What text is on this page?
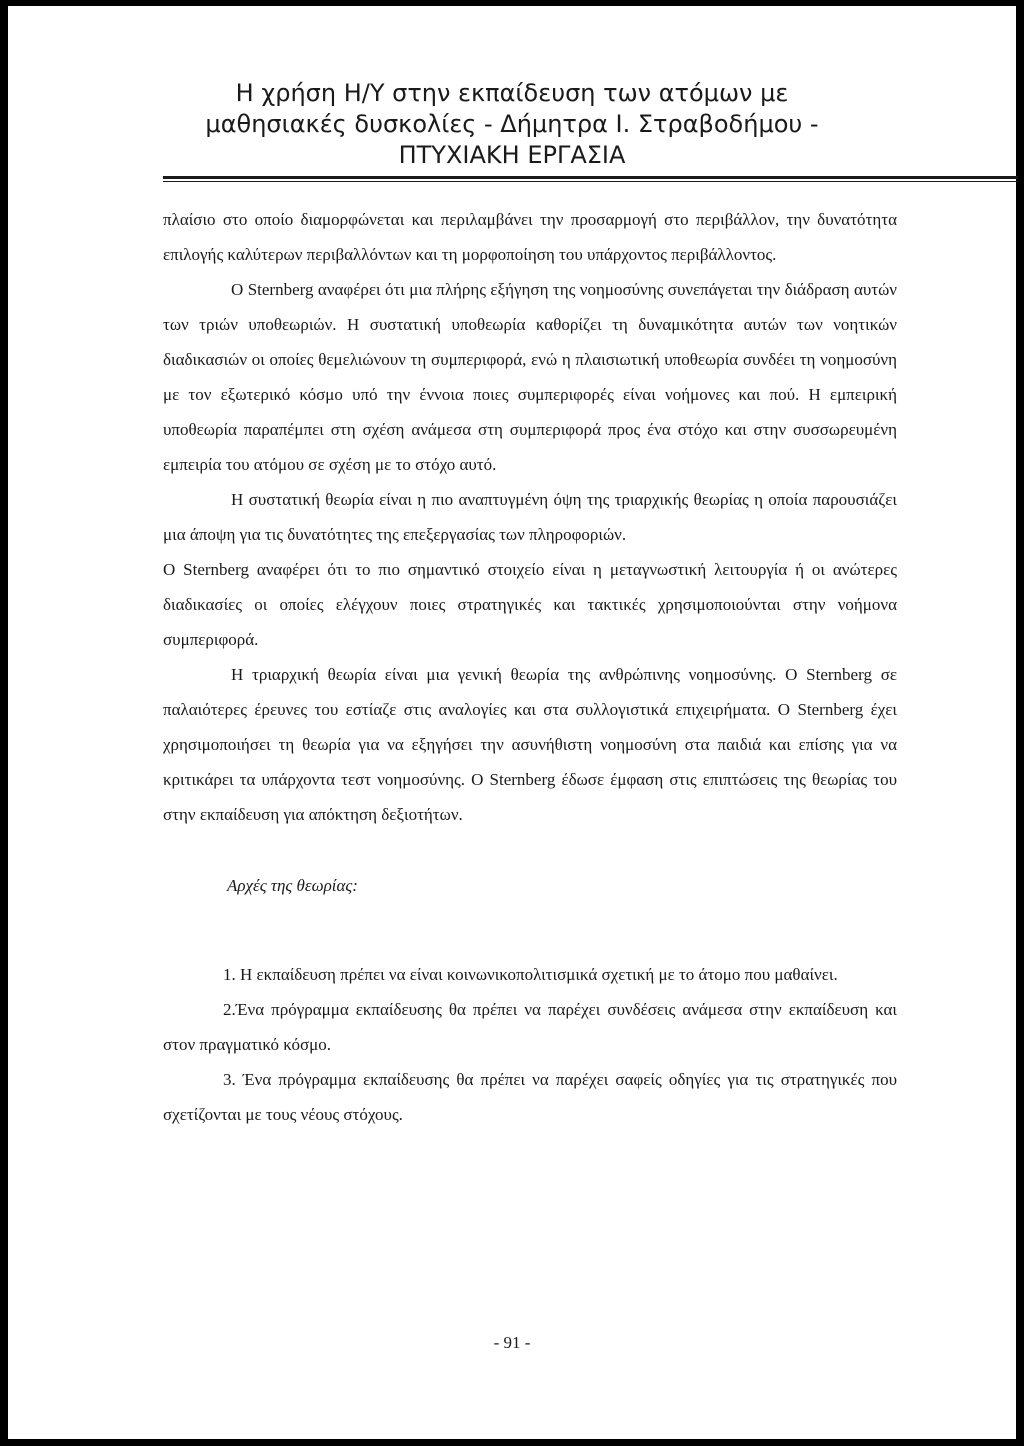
Η χρήση Η/Υ στην εκπαίδευση των ατόμων με
μαθησιακές δυσκολίες - Δήμητρα Ι. Στραβοδήμου -
ΠΤΥΧΙΑΚΗ ΕΡΓΑΣΙΑ

πλαίσιο στο οποίο διαμορφώνεται και περιλαμβάνει την προσαρμογή στο περιβάλλον, την δυνατότητα επιλογής καλύτερων περιβαλλόντων και τη μορφοποίηση του υπάρχοντος περιβάλλοντος.

Ο Sternberg αναφέρει ότι μια πλήρης εξήγηση της νοημοσύνης συνεπάγεται την διάδραση αυτών των τριών υποθεωριών. Η συστατική υποθεωρία καθορίζει τη δυναμικότητα αυτών των νοητικών διαδικασιών οι οποίες θεμελιώνουν τη συμπεριφορά, ενώ η πλαισιωτική υποθεωρία συνδέει τη νοημοσύνη με τον εξωτερικό κόσμο υπό την έννοια ποιες συμπεριφορές είναι νοήμονες και πού. Η εμπειρική υποθεωρία παραπέμπει στη σχέση ανάμεσα στη συμπεριφορά προς ένα στόχο και στην συσσωρευμένη εμπειρία του ατόμου σε σχέση με το στόχο αυτό.

Η συστατική θεωρία είναι η πιο αναπτυγμένη όψη της τριαρχικής θεωρίας η οποία παρουσιάζει μια άποψη για τις δυνατότητες της επεξεργασίας των πληροφοριών.

Ο Sternberg αναφέρει ότι το πιο σημαντικό στοιχείο είναι η μεταγνωστική λειτουργία ή οι ανώτερες διαδικασίες οι οποίες ελέγχουν ποιες στρατηγικές και τακτικές χρησιμοποιούνται στην νοήμονα συμπεριφορά.

Η τριαρχική θεωρία είναι μια γενική θεωρία της ανθρώπινης νοημοσύνης. Ο Sternberg σε παλαιότερες έρευνες του εστίαζε στις αναλογίες και στα συλλογιστικά επιχειρήματα. Ο Sternberg έχει χρησιμοποιήσει τη θεωρία για να εξηγήσει την ασυνήθιστη νοημοσύνη στα παιδιά και επίσης για να κριτικάρει τα υπάρχοντα τεστ νοημοσύνης. Ο Sternberg έδωσε έμφαση στις επιπτώσεις της θεωρίας του στην εκπαίδευση για απόκτηση δεξιοτήτων.

Αρχές της θεωρίας:

1. Η εκπαίδευση πρέπει να είναι κοινωνικοπολιτισμικά σχετική με το άτομο που μαθαίνει.

2.Ένα πρόγραμμα εκπαίδευσης θα πρέπει να παρέχει συνδέσεις ανάμεσα στην εκπαίδευση και στον πραγματικό κόσμο.

3. Ένα πρόγραμμα εκπαίδευσης θα πρέπει να παρέχει σαφείς οδηγίες για τις στρατηγικές που σχετίζονται με τους νέους στόχους.

- 91 -
